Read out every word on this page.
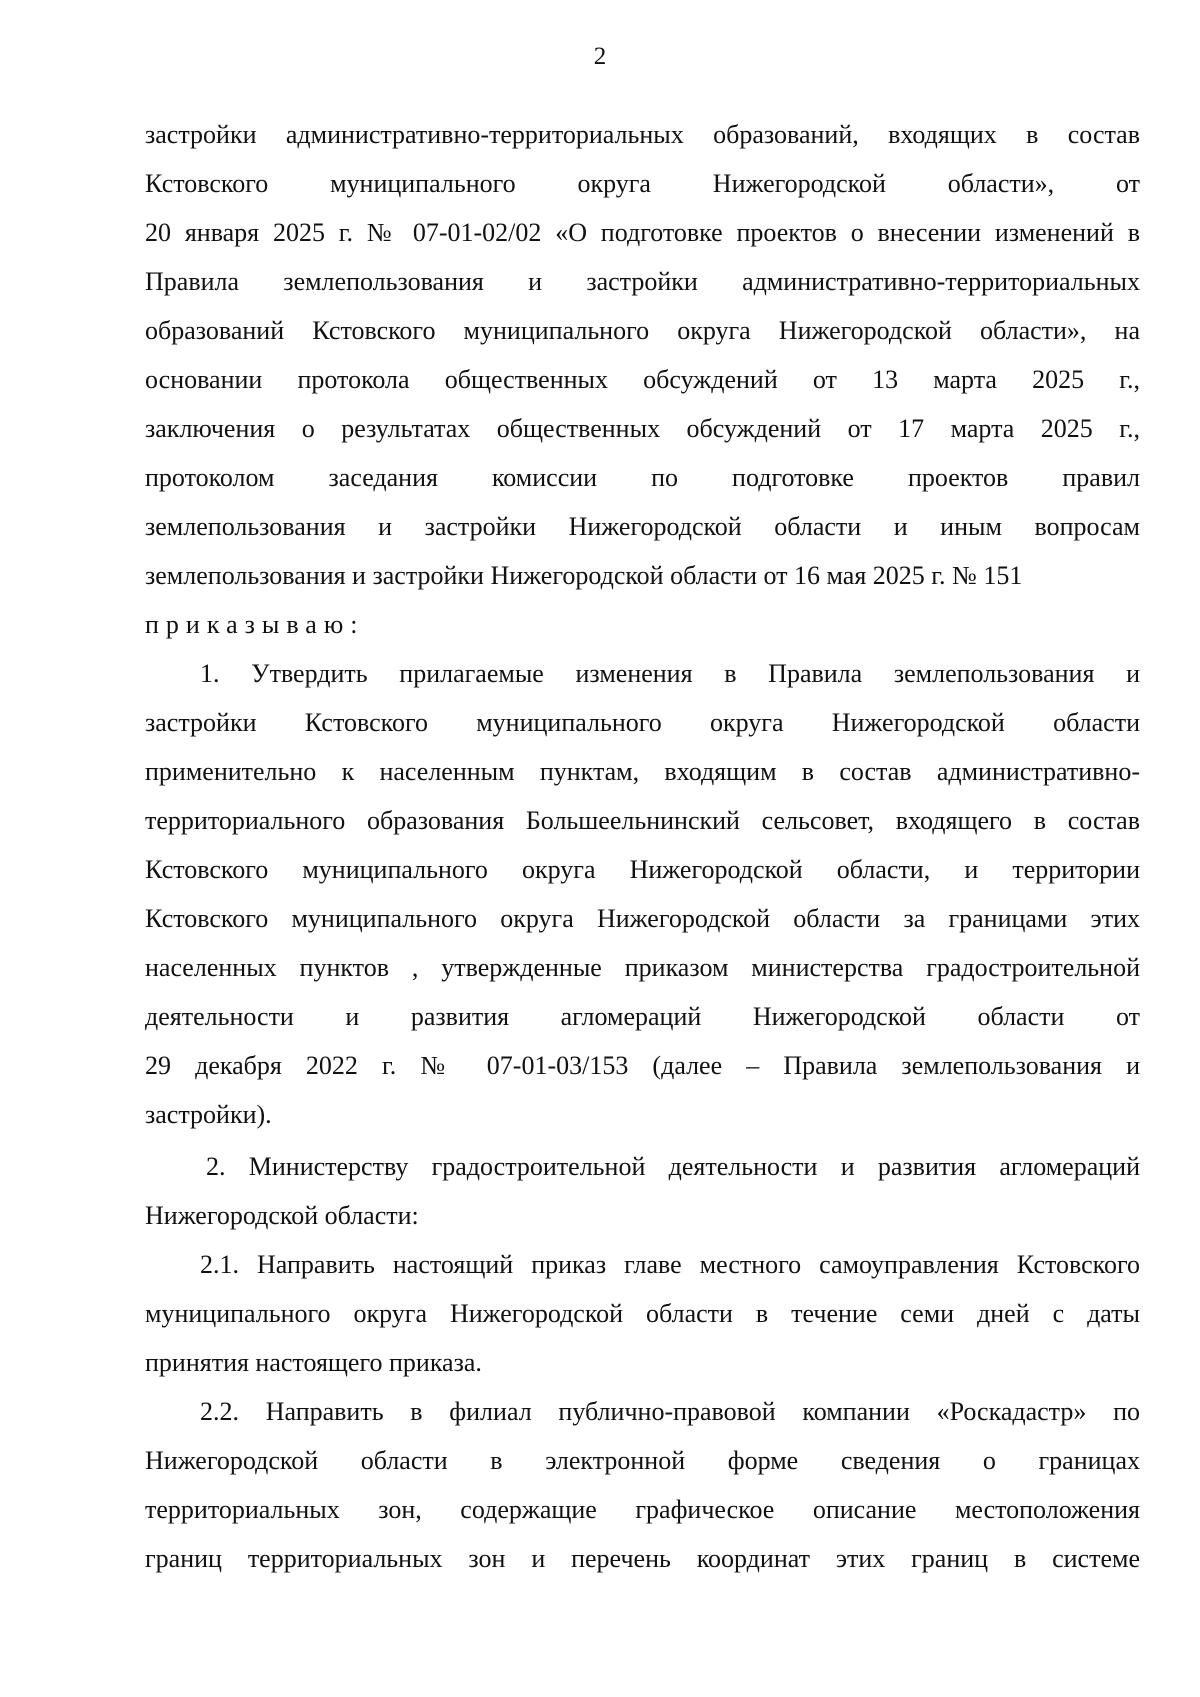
2
застройки административно-территориальных образований, входящих в состав
Кстовского муниципального округа Нижегородской области», от
20 января 2025 г. № 07-01-02/02 «О подготовке проектов о внесении изменений в
Правила землепользования и застройки административно-территориальных
образований Кстовского муниципального округа Нижегородской области», на
основании протокола общественных обсуждений от 13 марта 2025 г.,
заключения о результатах общественных обсуждений от 17 марта 2025 г.,
протоколом заседания комиссии по подготовке проектов правил
землепользования и застройки Нижегородской области и иным вопросам
землепользования и застройки Нижегородской области от 16 мая 2025 г. № 151
приказываю:
1. Утвердить прилагаемые изменения в Правила землепользования и
застройки Кстовского муниципального округа Нижегородской области
применительно к населенным пунктам, входящим в состав административно-
территориального образования Большеельнинский сельсовет, входящего в состав
Кстовского муниципального округа Нижегородской области, и территории
Кстовского муниципального округа Нижегородской области за границами этих
населенных пунктов , утвержденные приказом министерства градостроительной
деятельности и развития агломераций Нижегородской области от
29 декабря 2022 г. № 07-01-03/153 (далее – Правила землепользования и
застройки).
2. Министерству градостроительной деятельности и развития агломераций
Нижегородской области:
2.1. Направить настоящий приказ главе местного самоуправления Кстовского
муниципального округа Нижегородской области в течение семи дней с даты
принятия настоящего приказа.
2.2. Направить в филиал публично-правовой компании «Роскадастр» по
Нижегородской области в электронной форме сведения о границах
территориальных зон, содержащие графическое описание местоположения
границ территориальных зон и перечень координат этих границ в системе
